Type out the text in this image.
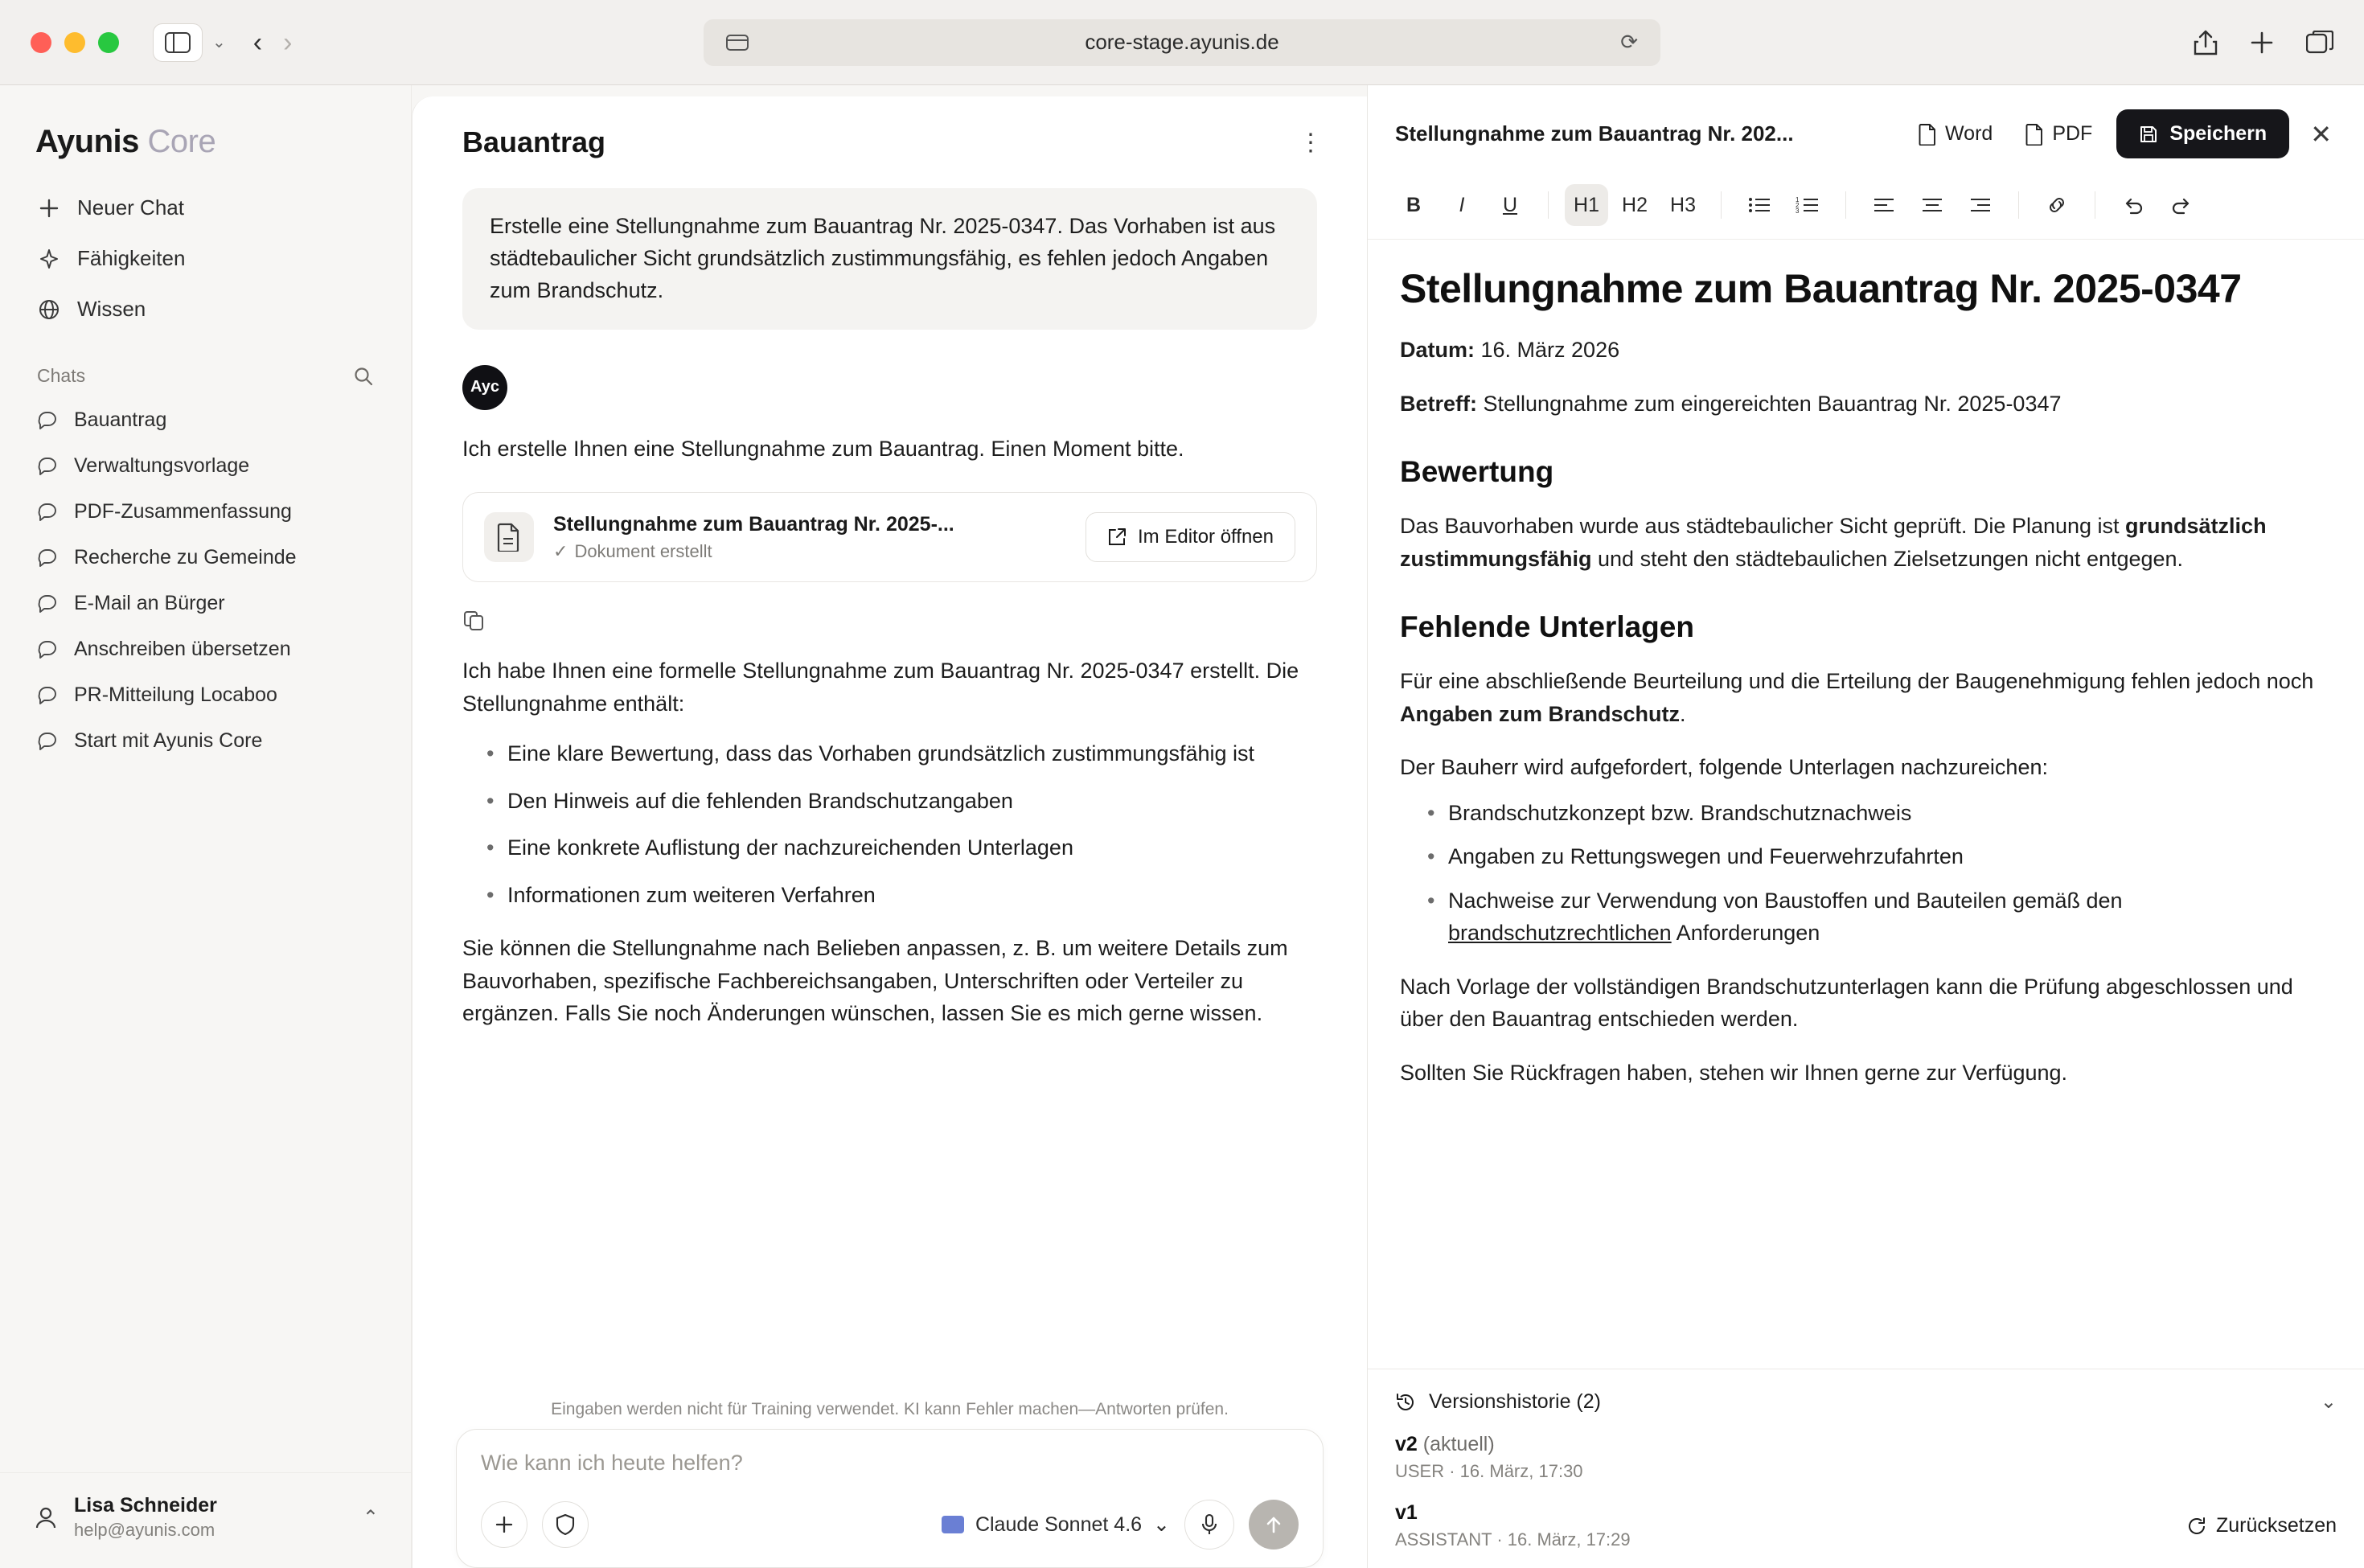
⌄ ‹ ›	core-stage.ayunis.de	⟳
Ayunis Core
Neuer Chat
Fähigkeiten
Wissen
Chats
Bauantrag
Verwaltungsvorlage
PDF-Zusammenfassung
Recherche zu Gemeinde
E-Mail an Bürger
Anschreiben übersetzen
PR-Mitteilung Locaboo
Start mit Ayunis Core
Lisa Schneider
help@ayunis.com
⌃
Bauantrag	⋮
Erstelle eine Stellungnahme zum Bauantrag Nr. 2025-0347. Das Vorhaben ist aus städtebaulicher Sicht grundsätzlich zustimmungsfähig, es fehlen jedoch Angaben zum Brandschutz.
Ayc
Ich erstelle Ihnen eine Stellungnahme zum Bauantrag. Einen Moment bitte.
Stellungnahme zum Bauantrag Nr. 2025-...
✓ Dokument erstellt
Im Editor öffnen
Ich habe Ihnen eine formelle Stellungnahme zum Bauantrag Nr. 2025-0347 erstellt. Die Stellungnahme enthält:
• Eine klare Bewertung, dass das Vorhaben grundsätzlich zustimmungsfähig ist
• Den Hinweis auf die fehlenden Brandschutzangaben
• Eine konkrete Auflistung der nachzureichenden Unterlagen
• Informationen zum weiteren Verfahren
Sie können die Stellungnahme nach Belieben anpassen, z. B. um weitere Details zum Bauvorhaben, spezifische Fachbereichsangaben, Unterschriften oder Verteiler zu ergänzen. Falls Sie noch Änderungen wünschen, lassen Sie es mich gerne wissen.
Eingaben werden nicht für Training verwendet. KI kann Fehler machen—Antworten prüfen.
Wie kann ich heute helfen?
Claude Sonnet 4.6 ⌄
Stellungnahme zum Bauantrag Nr. 202...	Word	PDF	Speichern ✕
B I U	H1 H2 H3	1
2
3
Stellungnahme zum Bauantrag Nr. 2025-0347
Datum: 16. März 2026
Betreff: Stellungnahme zum eingereichten Bauantrag Nr. 2025-0347
Bewertung
Das Bauvorhaben wurde aus städtebaulicher Sicht geprüft. Die Planung ist grundsätzlich zustimmungsfähig und steht den städtebaulichen Zielsetzungen nicht entgegen.
Fehlende Unterlagen
Für eine abschließende Beurteilung und die Erteilung der Baugenehmigung fehlen jedoch noch Angaben zum Brandschutz.
Der Bauherr wird aufgefordert, folgende Unterlagen nachzureichen:
• Brandschutzkonzept bzw. Brandschutznachweis
• Angaben zu Rettungswegen und Feuerwehrzufahrten
• Nachweise zur Verwendung von Baustoffen und Bauteilen gemäß den brandschutzrechtlichen Anforderungen
Nach Vorlage der vollständigen Brandschutzunterlagen kann die Prüfung abgeschlossen und über den Bauantrag entschieden werden.
Sollten Sie Rückfragen haben, stehen wir Ihnen gerne zur Verfügung.
Versionshistorie (2)	⌄
v2 (aktuell)
USER · 16. März, 17:30
v1
ASSISTANT · 16. März, 17:29
Zurücksetzen
